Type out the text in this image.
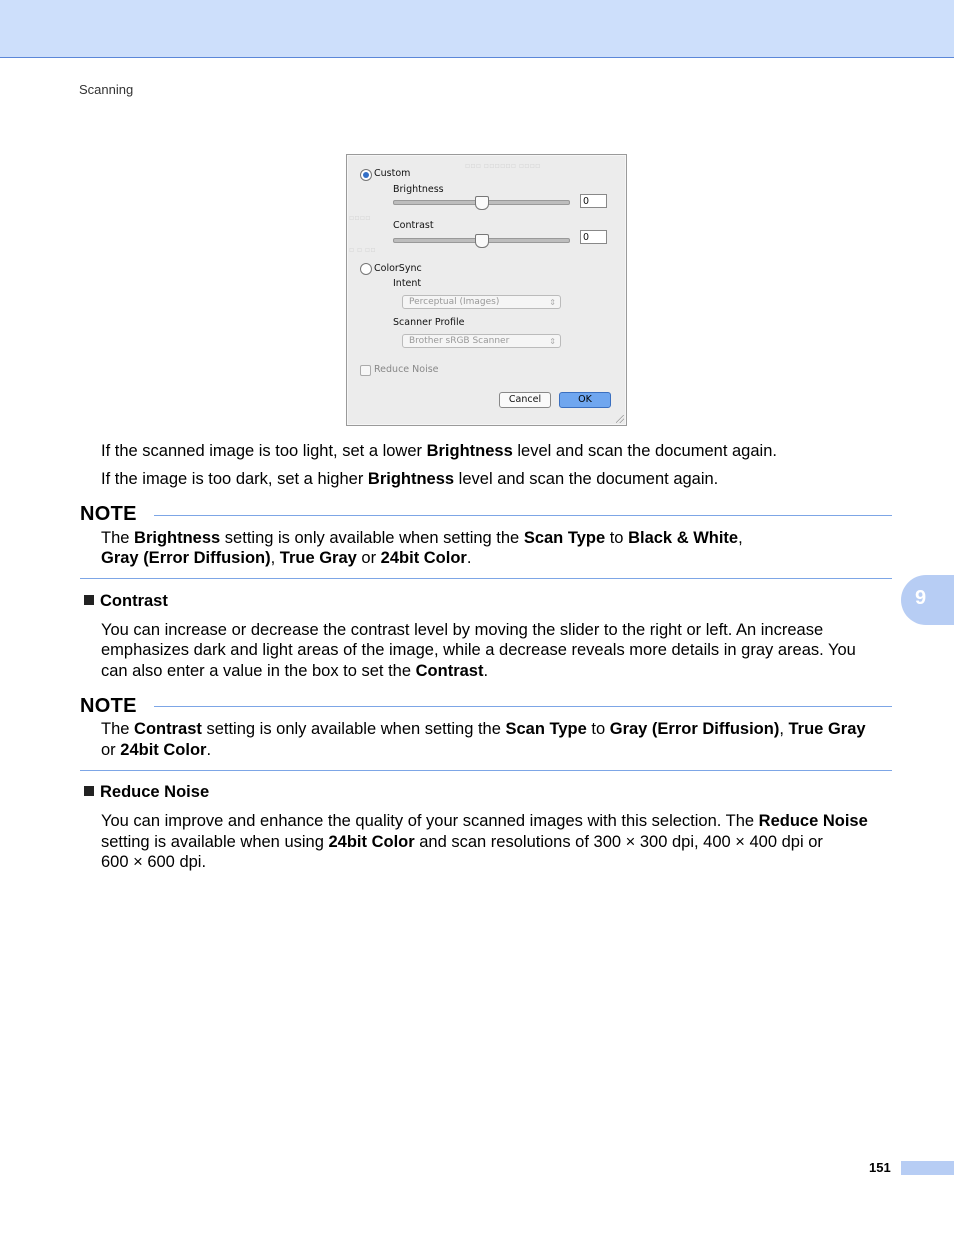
Scanning
▫▫▫ ▫▫▫▫▫▫ ▫▫▫▫
▫▫▫▫
▫ ▫ ▫▫
Custom
Brightness
0
Contrast
0
ColorSync
Intent
Perceptual (Images)	⇕
Scanner Profile
Brother sRGB Scanner	⇕
Reduce Noise
Cancel	OK
If the scanned image is too light, set a lower Brightness level and scan the document again.
If the image is too dark, set a higher Brightness level and scan the document again.
NOTE
The Brightness setting is only available when setting the Scan Type to Black & White,
Gray (Error Diffusion), True Gray or 24bit Color.
9
Contrast
You can increase or decrease the contrast level by moving the slider to the right or left. An increase
emphasizes dark and light areas of the image, while a decrease reveals more details in gray areas. You
can also enter a value in the box to set the Contrast.
NOTE
The Contrast setting is only available when setting the Scan Type to Gray (Error Diffusion), True Gray
or 24bit Color.
Reduce Noise
You can improve and enhance the quality of your scanned images with this selection. The Reduce Noise
setting is available when using 24bit Color and scan resolutions of 300 × 300 dpi, 400 × 400 dpi or
600 × 600 dpi.
151
